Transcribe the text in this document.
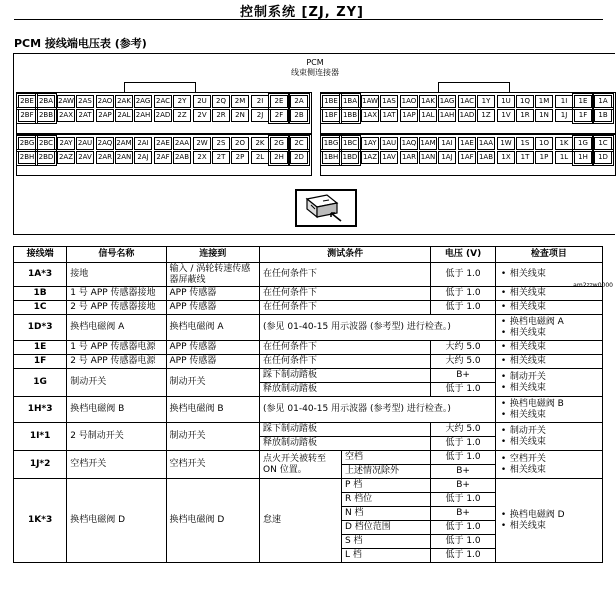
控制系统 [ZJ, ZY]
PCM 接线端电压表 (参考)
PCM
线束侧连接器
2BE 2BA 2AW 2AS 2AO 2AK 2AG 2AC	2Y	2U	2Q	2M	2I	2E	2A
2BF 2BB 2AX 2AT 2AP 2AL 2AH 2AD	2Z	2V	2R	2N	2J	2F	2B
2BG 2BC 2AY 2AU 2AQ 2AM 2AI	2AE 2AA	2W	2S	2O	2K	2G	2C
2BH 2BD 2AZ 2AV 2AR 2AN 2AJ	2AF 2AB	2X	2T	2P	2L	2H	2D
1BE 1BA 1AW 1AS 1AO 1AK 1AG 1AC	1Y	1U	1Q	1M	1I	1E	1A
1BF 1BB 1AX 1AT 1AP 1AL 1AH 1AD	1Z	1V	1R	1N	1J	1F	1B
1BG 1BC 1AY 1AU 1AQ 1AM 1AI	1AE 1AA	1W	1S	1O	1K	1G	1C
1BH 1BD 1AZ 1AV 1AR 1AN 1AJ	1AF 1AB	1X	1T	1P	1L	1H	1D
am2zzw0000
接线端	信号名称	连接到	测试条件		电压 (V)	检查项目
1A*3	接地	输入 / 涡轮转速传感器屏蔽线	在任何条件下		低于 1.0	• 相关线束

1B	1 号 APP 传感器接地	APP 传感器	在任何条件下		低于 1.0	• 相关线束

1C	2 号 APP 传感器接地	APP 传感器	在任何条件下		低于 1.0	• 相关线束

1D*3	换档电磁阀 A	换档电磁阀 A	(参见 01-40-15 用示波器 (参考型) 进行检查。)			• 换档电磁阀 A
• 相关线束

1E	1 号 APP 传感器电源	APP 传感器	在任何条件下		大约 5.0	• 相关线束

1F	2 号 APP 传感器电源	APP 传感器	在任何条件下		大约 5.0	• 相关线束

1G	制动开关	制动开关	踩下制动踏板		B+	• 制动开关
• 相关线束

			释放制动踏板		低于 1.0	
1H*3	换档电磁阀 B	换档电磁阀 B	(参见 01-40-15 用示波器 (参考型) 进行检查。)			• 换档电磁阀 B
• 相关线束

1I*1	2 号制动开关	制动开关	踩下制动踏板		大约 5.0	• 制动开关
• 相关线束

			释放制动踏板		低于 1.0	
1J*2	空档开关	空档开关	点火开关被转至 ON 位置。	空档	低于 1.0	• 空档开关
• 相关线束

				上述情况除外	B+	
1K*3	换档电磁阀 D	换档电磁阀 D	怠速	P 档	B+	• 换档电磁阀 D
• 相关线束

				R 档位	低于 1.0	
				N 档	B+	
				D 档位范围	低于 1.0	
				S 档	低于 1.0	
				L 档	低于 1.0	
